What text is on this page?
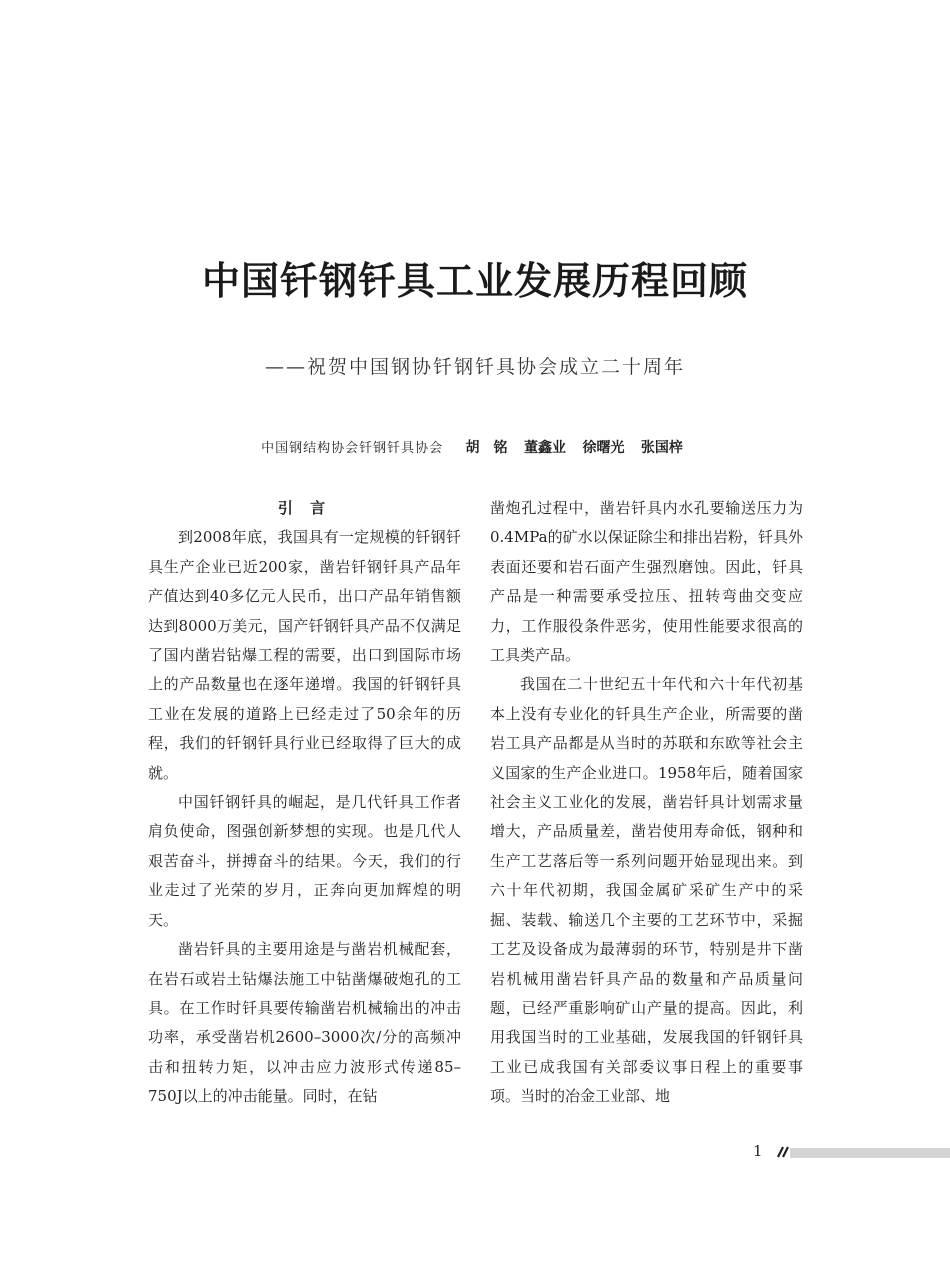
中国钎钢钎具工业发展历程回顾
——祝贺中国钢协钎钢钎具协会成立二十周年
中国钢结构协会钎钢钎具协会 胡　铭 董鑫业 徐曙光 张国梓
引 言

到2008年底，我国具有一定规模的钎钢钎具生产企业已近200家，凿岩钎钢钎具产品年产值达到40多亿元人民币，出口产品年销售额达到8000万美元，国产钎钢钎具产品不仅满足了国内凿岩钻爆工程的需要，出口到国际市场上的产品数量也在逐年递增。我国的钎钢钎具工业在发展的道路上已经走过了50余年的历程，我们的钎钢钎具行业已经取得了巨大的成就。

中国钎钢钎具的崛起，是几代钎具工作者肩负使命，图强创新梦想的实现。也是几代人艰苦奋斗，拼搏奋斗的结果。今天，我们的行业走过了光荣的岁月，正奔向更加辉煌的明天。

凿岩钎具的主要用途是与凿岩机械配套，在岩石或岩土钻爆法施工中钻凿爆破炮孔的工具。在工作时钎具要传输凿岩机械输出的冲击功率，承受凿岩机2600–3000次/分的高频冲击和扭转力矩，以冲击应力波形式传递85–750J以上的冲击能量。同时，在钻

凿炮孔过程中，凿岩钎具内水孔要输送压力为0.4MPa的矿水以保证除尘和排出岩粉，钎具外表面还要和岩石面产生强烈磨蚀。因此，钎具产品是一种需要承受拉压、扭转弯曲交变应力，工作服役条件恶劣，使用性能要求很高的工具类产品。

我国在二十世纪五十年代和六十年代初基本上没有专业化的钎具生产企业，所需要的凿岩工具产品都是从当时的苏联和东欧等社会主义国家的生产企业进口。1958年后，随着国家社会主义工业化的发展，凿岩钎具计划需求量增大，产品质量差，凿岩使用寿命低，钢种和生产工艺落后等一系列问题开始显现出来。到六十年代初期，我国金属矿采矿生产中的采掘、装载、输送几个主要的工艺环节中，采掘工艺及设备成为最薄弱的环节，特别是井下凿岩机械用凿岩钎具产品的数量和产品质量问题，已经严重影响矿山产量的提高。因此，利用我国当时的工业基础，发展我国的钎钢钎具工业已成我国有关部委议事日程上的重要事项。当时的冶金工业部、地

1
